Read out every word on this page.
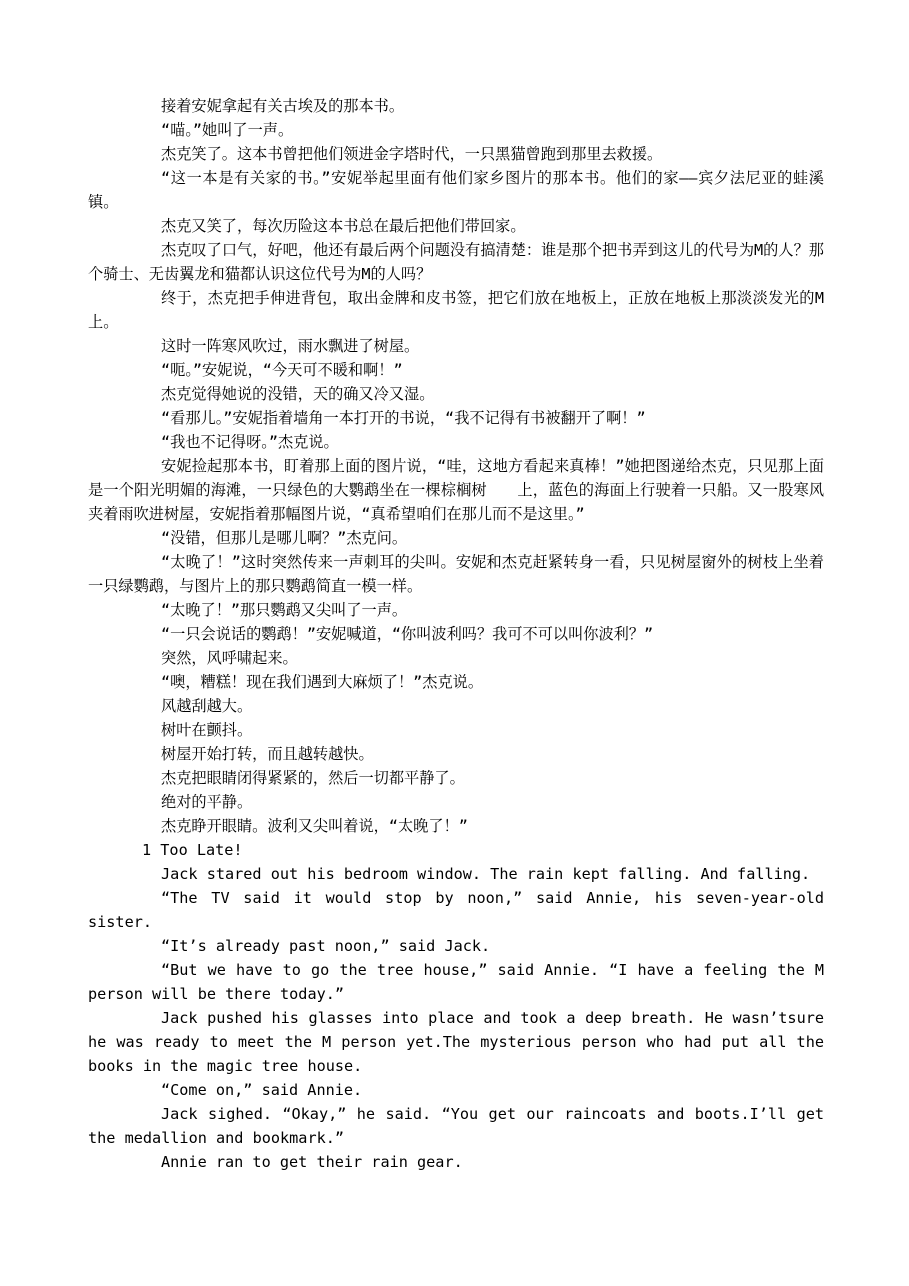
接着安妮拿起有关古埃及的那本书。

“喵。”她叫了一声。

杰克笑了。这本书曾把他们领进金字塔时代，一只黑猫曾跑到那里去救援。

“这一本是有关家的书。”安妮举起里面有他们家乡图片的那本书。他们的家——宾夕法尼亚的蛙溪镇。

杰克又笑了，每次历险这本书总在最后把他们带回家。

杰克叹了口气，好吧，他还有最后两个问题没有搞清楚：谁是那个把书弄到这儿的代号为M的人？那个骑士、无齿翼龙和猫都认识这位代号为M的人吗？

终于，杰克把手伸进背包，取出金牌和皮书签，把它们放在地板上，正放在地板上那淡淡发光的M上。

这时一阵寒风吹过，雨水飘进了树屋。

“呃。”安妮说，“今天可不暖和啊！”

杰克觉得她说的没错，天的确又冷又湿。

“看那儿。”安妮指着墙角一本打开的书说，“我不记得有书被翻开了啊！”

“我也不记得呀。”杰克说。

安妮捡起那本书，盯着那上面的图片说，“哇，这地方看起来真棒！”她把图递给杰克，只见那上面是一个阳光明媚的海滩，一只绿色的大鹦鹉坐在一棵棕榈树　　上，蓝色的海面上行驶着一只船。又一股寒风夹着雨吹进树屋，安妮指着那幅图片说，“真希望咱们在那儿而不是这里。”

“没错，但那儿是哪儿啊？”杰克问。

“太晚了！”这时突然传来一声刺耳的尖叫。安妮和杰克赶紧转身一看，只见树屋窗外的树枝上坐着一只绿鹦鹉，与图片上的那只鹦鹉简直一模一样。

“太晚了！”那只鹦鹉又尖叫了一声。

“一只会说话的鹦鹉！”安妮喊道，“你叫波利吗？我可不可以叫你波利？”

突然，风呼啸起来。

“噢，糟糕！现在我们遇到大麻烦了！”杰克说。

风越刮越大。

树叶在颤抖。

树屋开始打转，而且越转越快。

杰克把眼睛闭得紧紧的，然后一切都平静了。

绝对的平静。

杰克睁开眼睛。波利又尖叫着说，“太晚了！”

1 Too Late!

Jack stared out his bedroom window. The rain kept falling. And falling.

“The TV said it would stop by noon,” said Annie, his seven-year-old sister.

“It’s already past noon,” said Jack.

“But we have to go the tree house,” said Annie. “I have a feeling the M person will be there today.”

Jack pushed his glasses into place and took a deep breath. He wasn’tsure he was ready to meet the M person yet.The mysterious person who had put all the books in the magic tree house.

“Come on,” said Annie.

Jack sighed. “Okay,” he said. “You get our raincoats and boots.I’ll get the medallion and bookmark.”

Annie ran to get their rain gear.
